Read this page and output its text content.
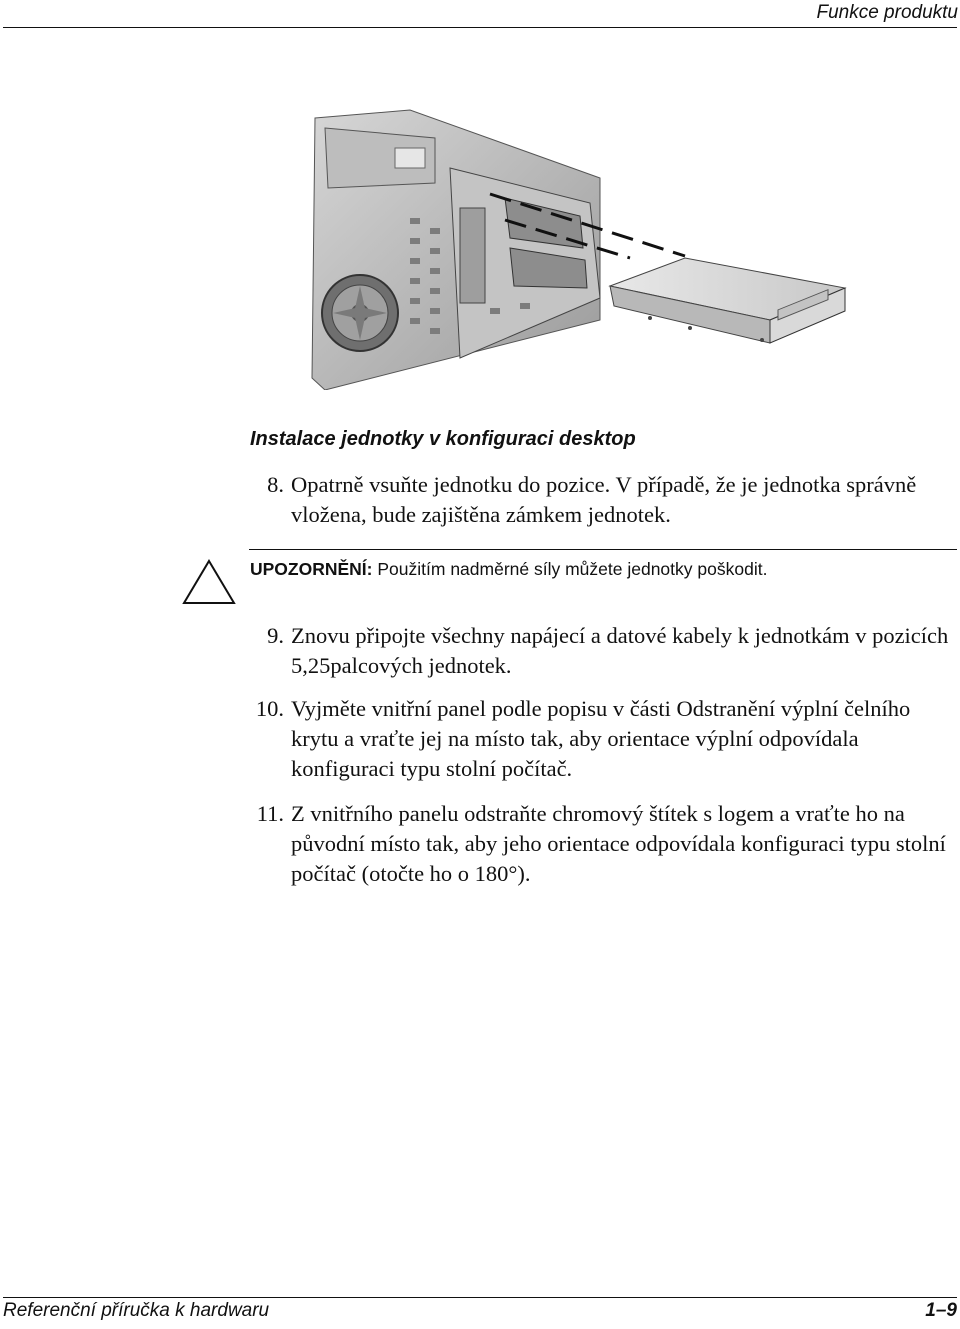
Funkce produktu
Instalace jednotky v konfiguraci desktop
8. Opatrně vsuňte jednotku do pozice. V případě, že je jednotka správně vložena, bude zajištěna zámkem jednotek.
UPOZORNĚNÍ: Použitím nadměrné síly můžete jednotky poškodit.
9. Znovu připojte všechny napájecí a datové kabely k jednotkám v pozicích 5,25palcových jednotek.
10. Vyjměte vnitřní panel podle popisu v části Odstranění výplní čelního krytu a vraťte jej na místo tak, aby orientace výplní odpovídala konfiguraci typu stolní počítač.
11. Z vnitřního panelu odstraňte chromový štítek s logem a vraťte ho na původní místo tak, aby jeho orientace odpovídala konfiguraci typu stolní počítač (otočte ho o 180°).
Referenční příručka k hardwaru	1–9
